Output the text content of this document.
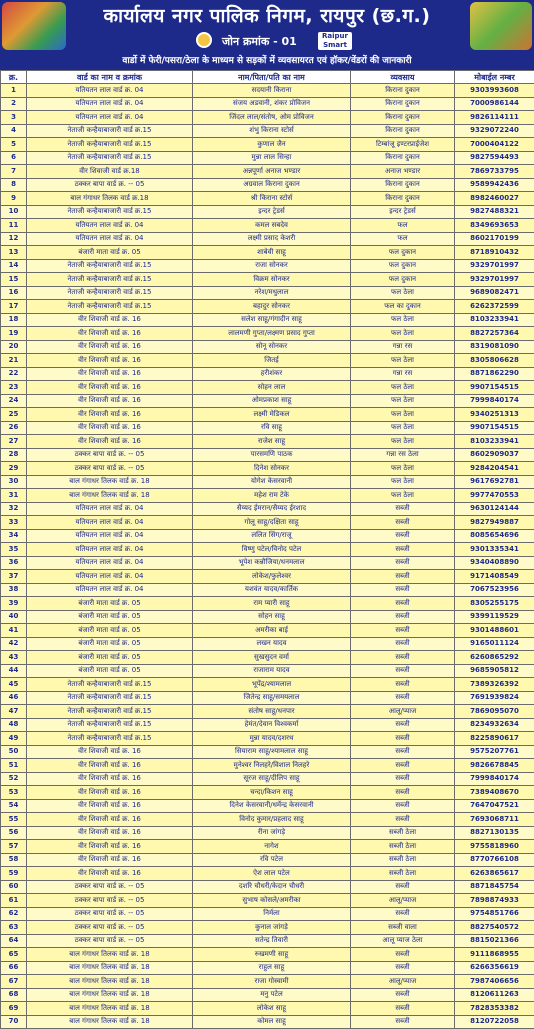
कार्यालय नगर पालिक निगम, रायपुर (छ.ग.)
जोन क्रमांक - 01	Raipur Smart City
वार्डो में फेरी/पसरा/ठेला के माध्यम से सड़कों में व्यवसायरत एवं हॉकर/वेंडरों की जानकारी
क्र.	वार्ड का नाम व क्रमांक	नाम/पिता/पति का नाम	व्यवसाय	मोबाईल नम्बर
1	यतियतन लाल वार्ड क्र. 04	सदयानी किराना	किराना दुकान	9303993608
2	यतियतन लाल वार्ड क्र. 04	संजय अडवानी, शंकर प्रोविजन	किराना दुकान	7000986144
3	यतियतन लाल वार्ड क्र. 04	जिंदल लाल/संतोष, ओम प्रोविजन	किराना दुकान	9826114111
4	नेताजी कन्हैयाबाजारी वार्ड क्र.15	शंभु किराना स्टोर्स	किराना दुकान	9329072240
5	नेताजी कन्हैयाबाजारी वार्ड क्र.15	कुणाल जैन	टिम्बांजू इण्टरप्राईजेश	7000404122
6	नेताजी कन्हैयाबाजारी वार्ड क्र.15	मुन्ना लाल सिन्हा	किराना दुकान	9827594493
7	वीर शिवाजी वार्ड क्र.18	अन्नपूर्णा अनाज भण्डार	अनाज भण्डार	7869733795
8	ठक्कर बापा वार्ड क्र. -- 05	अग्रवाल किराना दुकान	किराना दुकान	9589942436
9	बाल गंगाधर तिलक वार्ड क्र.18	श्री किराना स्टोर्स	किराना दुकान	8982460027
10	नेताजी कन्हैयाबाजारी वार्ड क्र.15	इन्दर ट्रेडर्स	इन्दर ट्रेडर्स	9827488321
11	यतियतन लाल वार्ड क्र. 04	कमल सबदेव	फल	8349693653
12	यतियतन लाल वार्ड क्र. 04	लक्ष्मी प्रसाद केशरी	फल	8602170199
13	बंजारी माता वार्ड क्र. 05	शाबेवी साहू	फल दुकान	8718910432
14	नेताजी कन्हैयाबाजारी वार्ड क्र.15	राजा सोनकर	फल दुकान	9329701997
15	नेताजी कन्हैयाबाजारी वार्ड क्र.15	विक्रम सोनकर	फल दुकान	9329701997
16	नेताजी कन्हैयाबाजारी वार्ड क्र.15	नरेश/मधुलाल	फल ठेला	9689082471
17	नेताजी कन्हैयाबाजारी वार्ड क्र.15	बहादुर सोनकर	फल का दुकान	6262372599
18	वीर शिवाजी वार्ड क्र. 16	सलेश साहू/गंगादीन साहू	फल ठेला	8103233941
19	वीर शिवाजी वार्ड क्र. 16	लालमणी गुप्ता/लक्ष्मण प्रसाद गुप्ता	फल ठेला	8827257364
20	वीर शिवाजी वार्ड क्र. 16	सोनू सोनकर	गन्ना रस	8319081090
21	वीर शिवाजी वार्ड क्र. 16	जितई	फल ठेला	8305806628
22	वीर शिवाजी वार्ड क्र. 16	हरीशंकर	गन्ना रस	8871862290
23	वीर शिवाजी वार्ड क्र. 16	सोहन लाल	फल ठेला	9907154515
24	वीर शिवाजी वार्ड क्र. 16	ओमप्रकाश साहू	फल ठेला	7999840174
25	वीर शिवाजी वार्ड क्र. 16	लक्ष्मी मेडिकल	फल ठेला	9340251313
26	वीर शिवाजी वार्ड क्र. 16	रवि साहू	फल ठेला	9907154515
27	वीर शिवाजी वार्ड क्र. 16	राजेश साहू	फल ठेला	8103233941
28	ठक्कर बापा वार्ड क्र. -- 05	पारसमणि पाठक	गन्ना रस ठेला	8602909037
29	ठक्कर बापा वार्ड क्र. -- 05	दिनेश सोनकर	फल ठेला	9284204541
30	बाल गंगाधर तिलक वार्ड क्र. 18	योगेश केसरवानी	फल ठेला	9617692781
31	बाल गंगाधर तिलक वार्ड क्र. 18	महेश राम टेके	फल ठेला	9977470553
32	यतियतन लाल वार्ड क्र. 04	सैय्यद ईमरान/सैय्यद ईरशाद	सब्जी	9630124144
33	यतियतन लाल वार्ड क्र. 04	गोलू साहू/दक्षिता साहू	सब्जी	9827949887
34	यतियतन लाल वार्ड क्र. 04	ललित सिंग/राजू	सब्जी	8085654696
35	यतियतन लाल वार्ड क्र. 04	विष्णु पटेल/विनोद पटेल	सब्जी	9301335341
36	यतियतन लाल वार्ड क्र. 04	भूपेश कन्नौजिया/धनमलाल	सब्जी	9340408890
37	यतियतन लाल वार्ड क्र. 04	लोकेश/फुलेश्वर	सब्जी	9171408549
38	यतियतन लाल वार्ड क्र. 04	यशवंत यादव/कार्तिक	सब्जी	7067523956
39	बंजारी माता वार्ड क्र. 05	राम प्यारी साहू	सब्जी	8305255175
40	बंजारी माता वार्ड क्र. 05	सोहन साहू	सब्जी	9399119529
41	बंजारी माता वार्ड क्र. 05	अमरीका बाई	सब्जी	9301488601
42	बंजारी माता वार्ड क्र. 05	लखन यादव	सब्जी	9165011124
43	बंजारी माता वार्ड क्र. 05	सुखसुदन वर्मा	सब्जी	6260865292
44	बंजारी माता वार्ड क्र. 05	राजाराम यादव	सब्जी	9685905812
45	नेताजी कन्हैयाबाजारी वार्ड क्र.15	भूपेंद्र/श्यामलाल	सब्जी	7389326392
46	नेताजी कन्हैयाबाजारी वार्ड क्र.15	जितेन्द्र साहू/समयलाल	सब्जी	7691939824
47	नेताजी कन्हैयाबाजारी वार्ड क्र.15	संतोष साहू/धनपार	आलू/प्याज	7869095070
48	नेताजी कन्हैयाबाजारी वार्ड क्र.15	हेमंत/देवान विश्वकर्मा	सब्जी	8234932634
49	नेताजी कन्हैयाबाजारी वार्ड क्र.15	मुन्ना यादव/दशरथ	सब्जी	8225890617
50	वीर शिवाजी वार्ड क्र. 16	सियाराम साहू/श्यामलाल साहू	सब्जी	9575207761
51	वीर शिवाजी वार्ड क्र. 16	मुनेश्वर निलहरे/विशाल निलहरे	सब्जी	9826678845
52	वीर शिवाजी वार्ड क्र. 16	सूरज साहू/दीलिप साहू	सब्जी	7999840174
53	वीर शिवाजी वार्ड क्र. 16	चन्दा/किशन साहू	सब्जी	7389408670
54	वीर शिवाजी वार्ड क्र. 16	दिनेश केसरवानी/धर्मेन्द्र केसरवानी	सब्जी	7647047521
55	वीर शिवाजी वार्ड क्र. 16	विनोद कुमार/प्रहलाद साहू	सब्जी	7693068711
56	वीर शिवाजी वार्ड क्र. 16	रीना जांगड़े	सब्जी ठेला	8827130135
57	वीर शिवाजी वार्ड क्र. 16	नागेश	सब्जी ठेला	9755818960
58	वीर शिवाजी वार्ड क्र. 16	रवि पटेल	सब्जी ठेला	8770766108
59	वीर शिवाजी वार्ड क्र. 16	ऐश लाल पटेल	सब्जी ठेला	6263865617
60	ठक्कर बापा वार्ड क्र. -- 05	दशरि चौधरी/केदान चौधरी	सब्जी	8871845754
61	ठक्कर बापा वार्ड क्र. -- 05	सुभाष कोसले/अमरीका	आलू/प्याज	7898874933
62	ठक्कर बापा वार्ड क्र. -- 05	निर्मला	सब्जी	9754851766
63	ठक्कर बापा वार्ड क्र. -- 05	कुनाल जांगड़े	सब्जी वाला	8827540572
64	ठक्कर बापा वार्ड क्र. -- 05	सतेन्द्र तिवारी	आलू प्याज ठेला	8815021366
65	बाल गंगाधर तिलक वार्ड क्र. 18	रुखमणी साहू	सब्जी	9111868955
66	बाल गंगाधर तिलक वार्ड क्र. 18	राहुल साहू	सब्जी	6266356619
67	बाल गंगाधर तिलक वार्ड क्र. 18	राजा गोस्वामी	आलू/प्याज	7987406656
68	बाल गंगाधर तिलक वार्ड क्र. 18	मनु पटेल	सब्जी	8120611263
69	बाल गंगाधर तिलक वार्ड क्र. 18	लोकेश साहू	सब्जी	7828353382
70	बाल गंगाधर तिलक वार्ड क्र. 18	कोमल साहू	सब्जी	8120722058
